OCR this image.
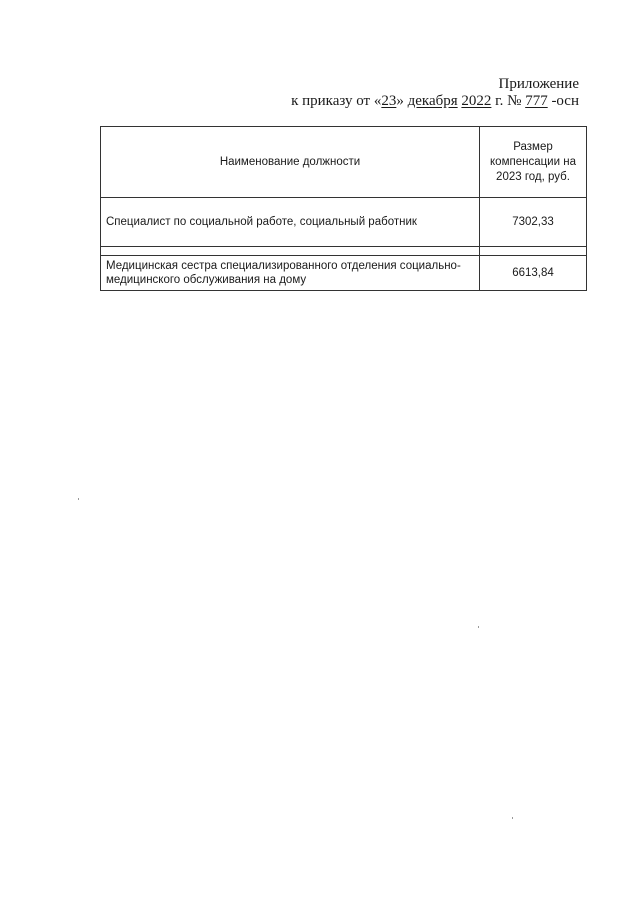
Приложение
к приказу от «23» декабря 2022 г. № 777 -осн
Наименование должности	Размер компенсации на 2023 год, руб.
Специалист по социальной работе, социальный работник	7302,33

Медицинская сестра специализированного отделения социально-медицинского обслуживания на дому	6613,84
